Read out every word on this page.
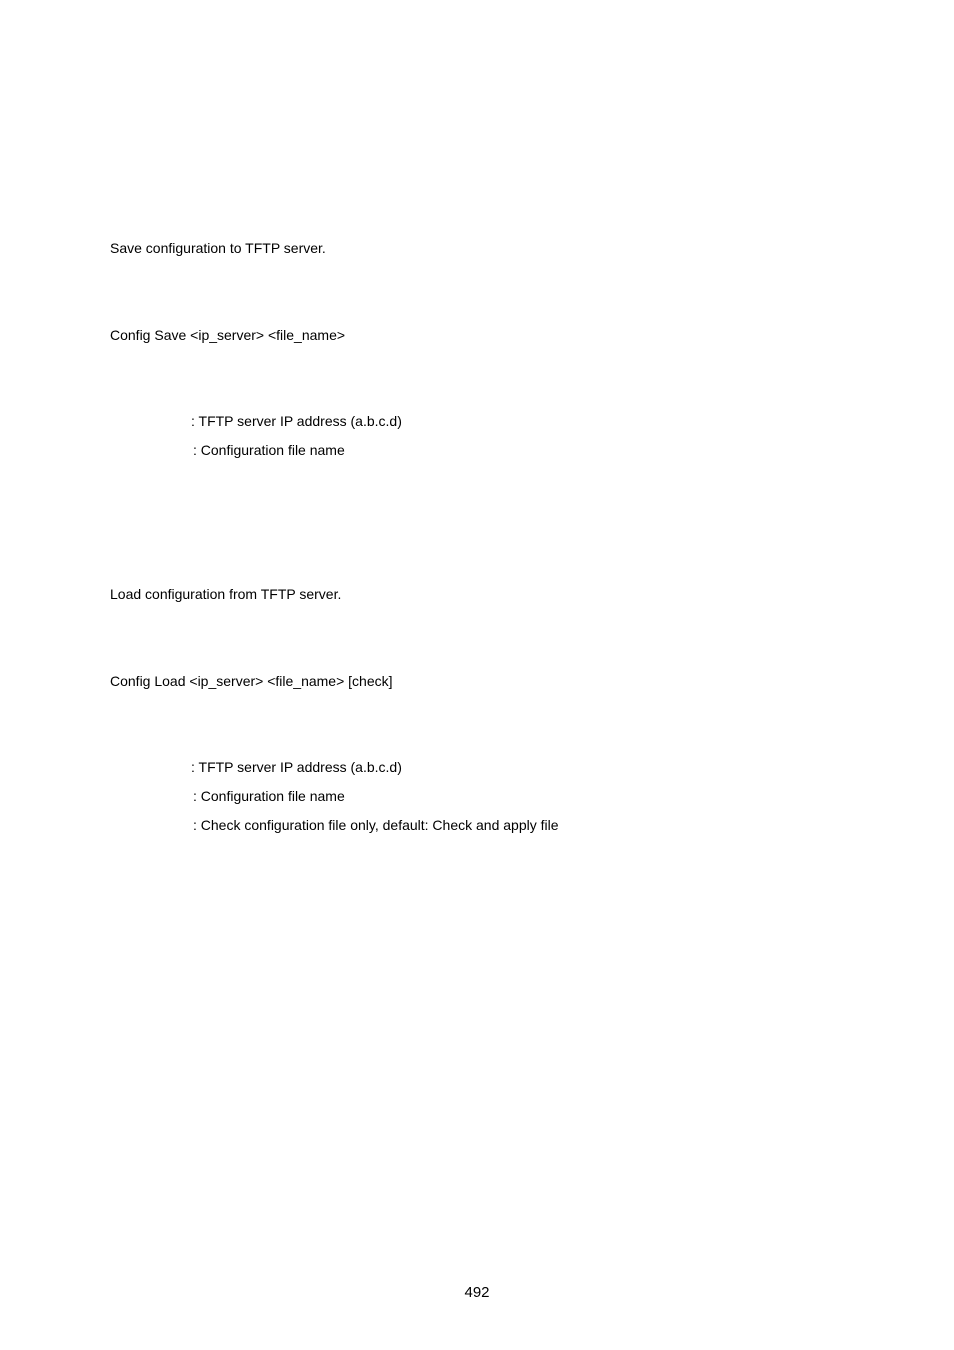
Save configuration to TFTP server.
Config Save <ip_server> <file_name>
: TFTP server IP address (a.b.c.d)
: Configuration file name
Load configuration from TFTP server.
Config Load <ip_server> <file_name> [check]
: TFTP server IP address (a.b.c.d)
: Configuration file name
: Check configuration file only, default: Check and apply file
492
